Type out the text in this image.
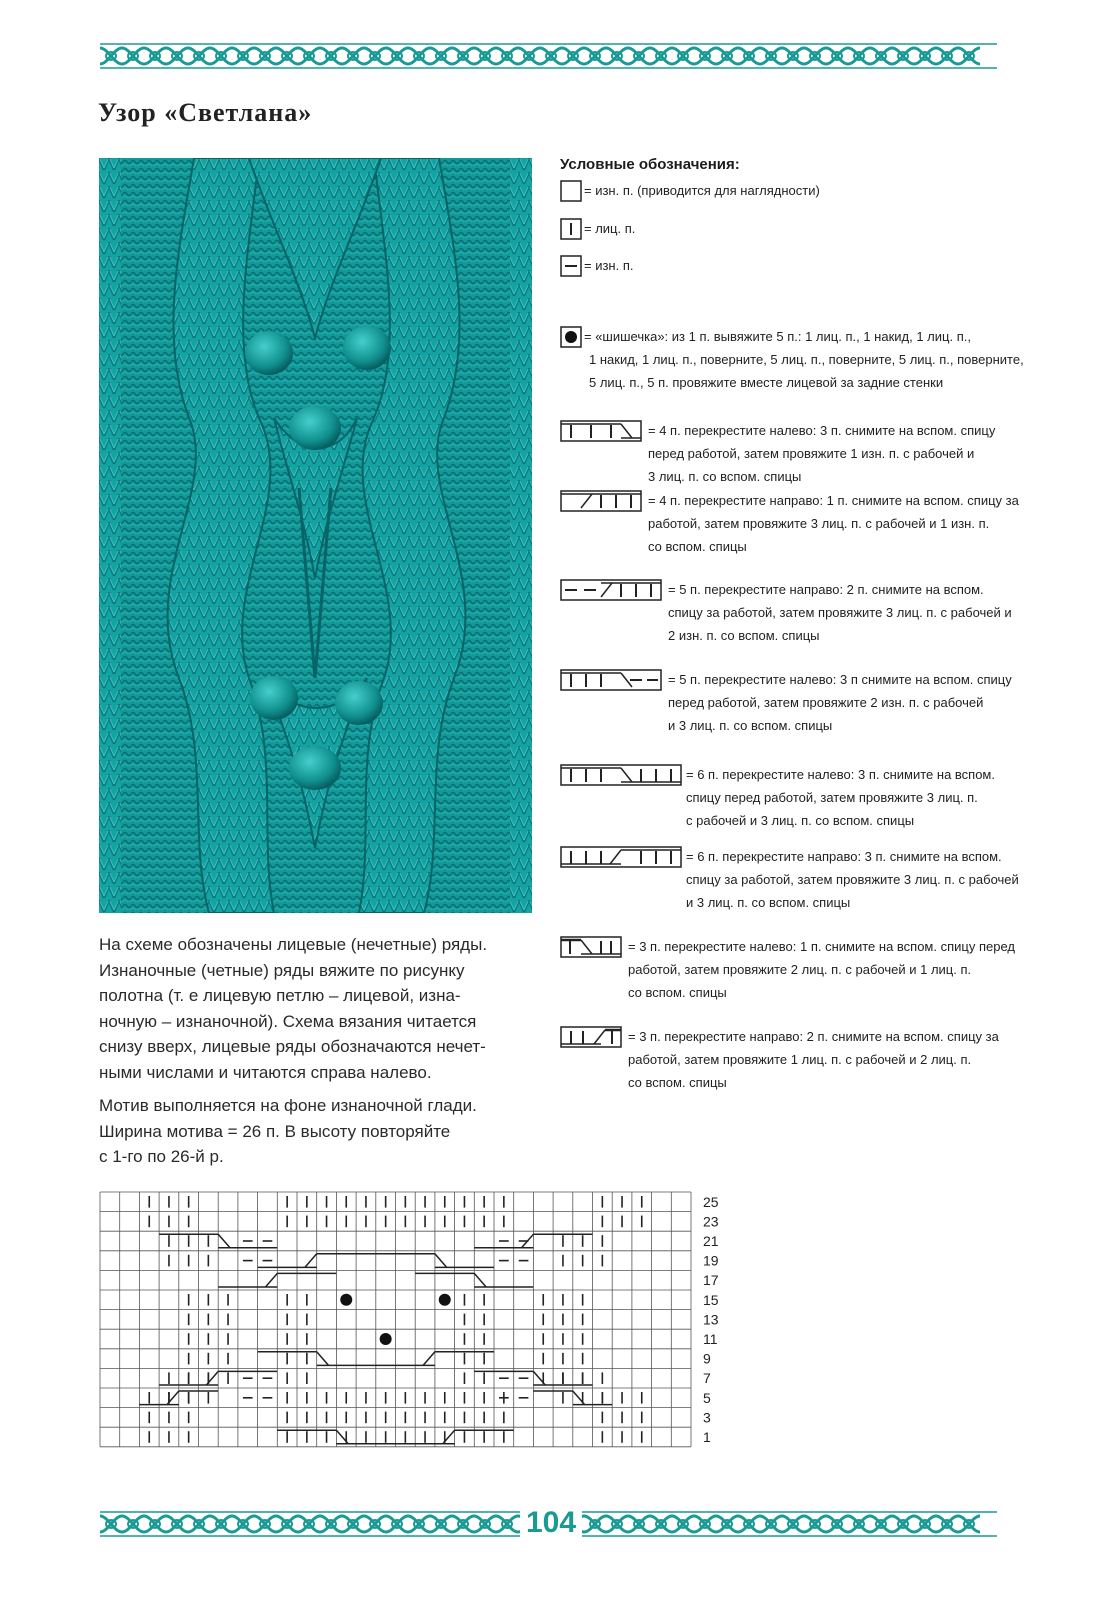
Узор «Светлана»
Условные обозначения:

= изн. п. (приводится для наглядности)

= лиц. п.

= изн. п.

= «шишечка»: из 1 п. вывяжите 5 п.: 1 лиц. п., 1 накид, 1 лиц. п.,
1 накид, 1 лиц. п., поверните, 5 лиц. п., поверните, 5 лиц. п., поверните,
5 лиц. п., 5 п. провяжите вместе лицевой за задние стенки

= 4 п. перекрестите налево: 3 п. снимите на вспом. спицу
перед работой, затем провяжите 1 изн. п. с рабочей и
3 лиц. п. со вспом. спицы

= 4 п. перекрестите направо: 1 п. снимите на вспом. спицу за
работой, затем провяжите 3 лиц. п. с рабочей и 1 изн. п.
со вспом. спицы

= 5 п. перекрестите направо: 2 п. снимите на вспом.
спицу за работой, затем провяжите 3 лиц. п. с рабочей и
2 изн. п. со вспом. спицы

= 5 п. перекрестите налево: 3 п снимите на вспом. спицу
перед работой, затем провяжите 2 изн. п. с рабочей
и 3 лиц. п. со вспом. спицы

= 6 п. перекрестите налево: 3 п. снимите на вспом.
спицу перед работой, затем провяжите 3 лиц. п.
с рабочей и 3 лиц. п. со вспом. спицы

= 6 п. перекрестите направо: 3 п. снимите на вспом.
спицу за работой, затем провяжите 3 лиц. п. с рабочей
и 3 лиц. п. со вспом. спицы

= 3 п. перекрестите налево: 1 п. снимите на вспом. спицу перед
работой, затем провяжите 2 лиц. п. с рабочей и 1 лиц. п.
со вспом. спицы

= 3 п. перекрестите направо: 2 п. снимите на вспом. спицу за
работой, затем провяжите 1 лиц. п. с рабочей и 2 лиц. п.
со вспом. спицы

На схеме обозначены лицевые (нечетные) ряды.
Изнаночные (четные) ряды вяжите по рисунку
полотна (т. е лицевую петлю – лицевой, изна-
ночную – изнаночной). Схема вязания читается
снизу вверх, лицевые ряды обозначаются нечет-
ными числами и читаются справа налево.

Мотив выполняется на фоне изнаночной глади.
Ширина мотива = 26 п. В высоту повторяйте
с 1-го по 26-й р.

25
23
21
19
17
15
13
11
9
7
5
3
1
104
